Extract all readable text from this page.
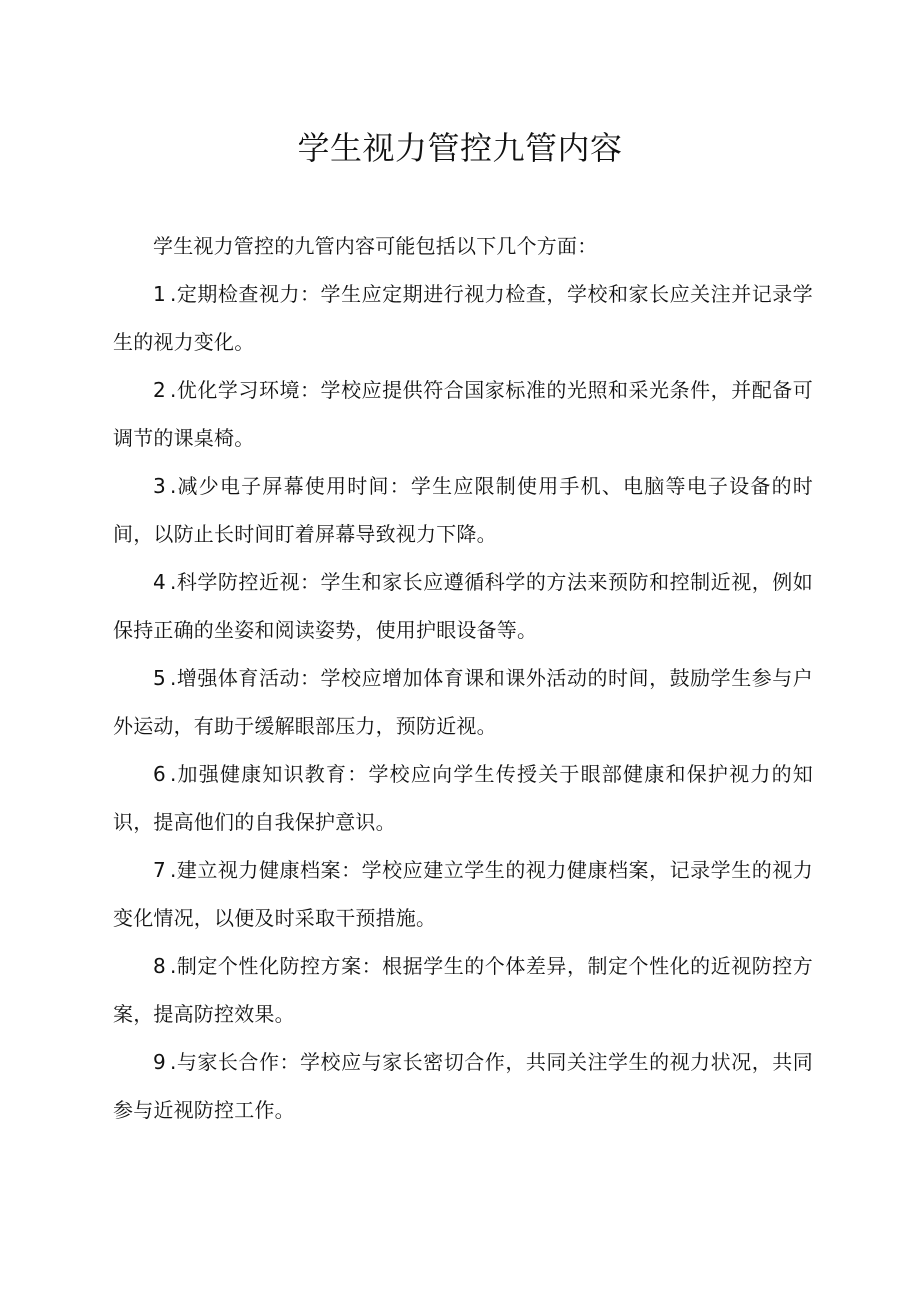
学生视力管控九管内容

学生视力管控的九管内容可能包括以下几个方面：

1 .定期检查视力：学生应定期进行视力检查，学校和家长应关注并记录学生的视力变化。

2 .优化学习环境：学校应提供符合国家标准的光照和采光条件，并配备可调节的课桌椅。

3 .减少电子屏幕使用时间：学生应限制使用手机、电脑等电子设备的时间，以防止长时间盯着屏幕导致视力下降。

4 .科学防控近视：学生和家长应遵循科学的方法来预防和控制近视，例如保持正确的坐姿和阅读姿势，使用护眼设备等。

5 .增强体育活动：学校应增加体育课和课外活动的时间，鼓励学生参与户外运动，有助于缓解眼部压力，预防近视。

6 .加强健康知识教育：学校应向学生传授关于眼部健康和保护视力的知识，提高他们的自我保护意识。

7 .建立视力健康档案：学校应建立学生的视力健康档案，记录学生的视力变化情况，以便及时采取干预措施。

8 .制定个性化防控方案：根据学生的个体差异，制定个性化的近视防控方案，提高防控效果。

9 .与家长合作：学校应与家长密切合作，共同关注学生的视力状况，共同参与近视防控工作。
